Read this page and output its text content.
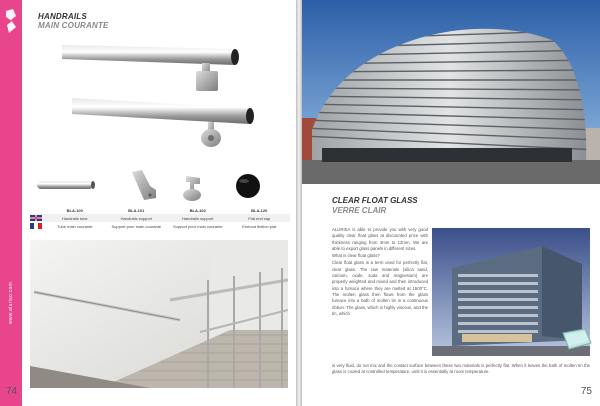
www.aluriso.com
HANDRAILS
MAIN COURANTE
BLA-100	BLA-101	BLA-102	BLA-120
Handrails tube	Handrails support	Handrails support	Flat end cap
Tube main courante	Support pour main courante	Support pour main courante	Embout finition plat
74
CLEAR FLOAT GLASS
VERRE CLAIR

ALURISA is able to provide you with very good quality clear float glass at discounted price with thickness ranging from 3mm to 12mm. We are able to export glass panels in different sizes.

What is clear float glass?

Clear float glass is a term used for perfectly flat, clear glass. The raw materials (silica sand, calcium, oxide, soda and magnesium) are properly weighted and mixed and then introduced into a furnace where they are melted at 1500°C. The molten glass then flows from the glass furnace into a bath of molten tin in a continuous ribbon. The glass, which is highly viscous, and the tin, which

is very fluid, do not mix and the contact surface between these two materials is perfectly flat. When it leaves the bath of molten tin the glass is cooled at controlled temperature, until it is essentially at room temperature.
75
